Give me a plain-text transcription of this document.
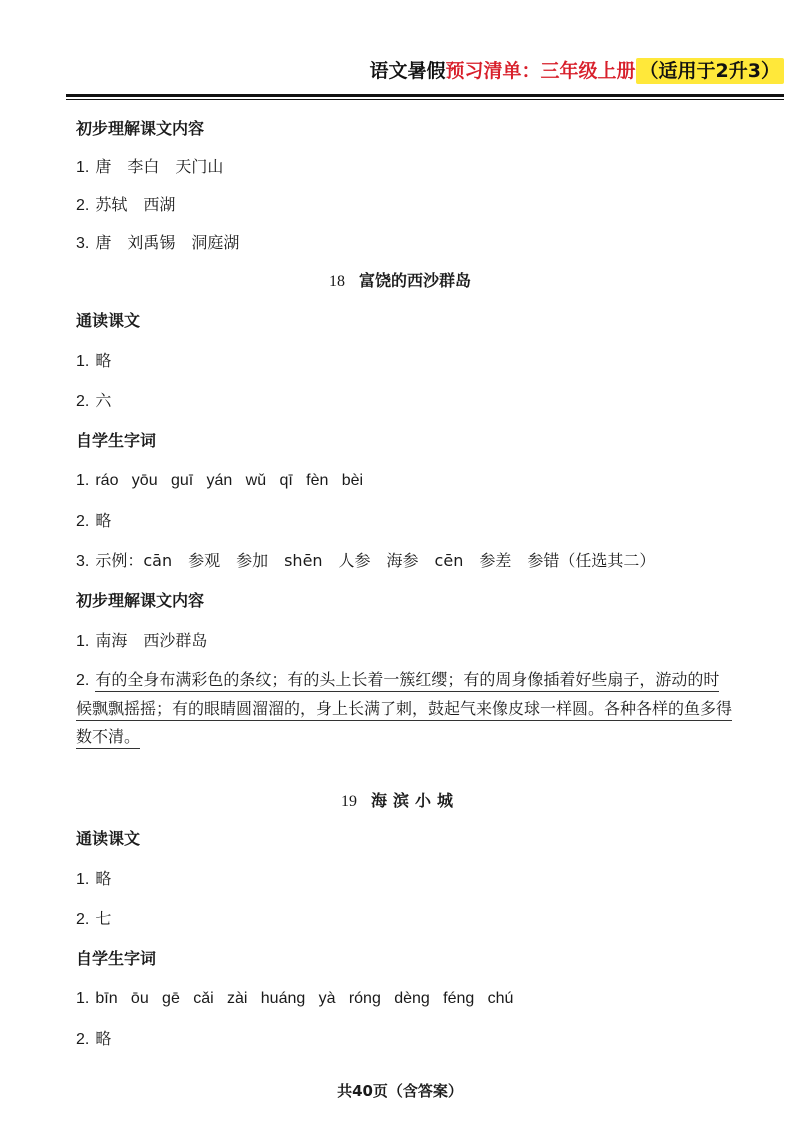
语文暑假预习清单：三年级上册 （适用于2升3）
初步理解课文内容
1. 唐　李白　天门山
2. 苏轼　西湖
3. 唐　刘禹锡　洞庭湖
18 富饶的西沙群岛
通读课文
1. 略
2. 六
自学生字词
1. ráo   yōu   guī   yán   wǔ   qī   fèn   bèi
2. 略
3. 示例：cān　参观　参加　shēn　人参　海参　cēn　参差　参错（任选其二）
初步理解课文内容
1. 南海　西沙群岛
2. 有的全身布满彩色的条纹；有的头上长着一簇红缨；有的周身像插着好些扇子，游动的时候飘飘摇摇；有的眼睛圆溜溜的，身上长满了刺，鼓起气来像皮球一样圆。各种各样的鱼多得数不清。
19 海滨小城
通读课文
1. 略
2. 七
自学生字词
1. bīn   ōu   gē   cǎi   zài   huáng   yà   róng   dèng   féng   chú
2. 略
共40页（含答案）
